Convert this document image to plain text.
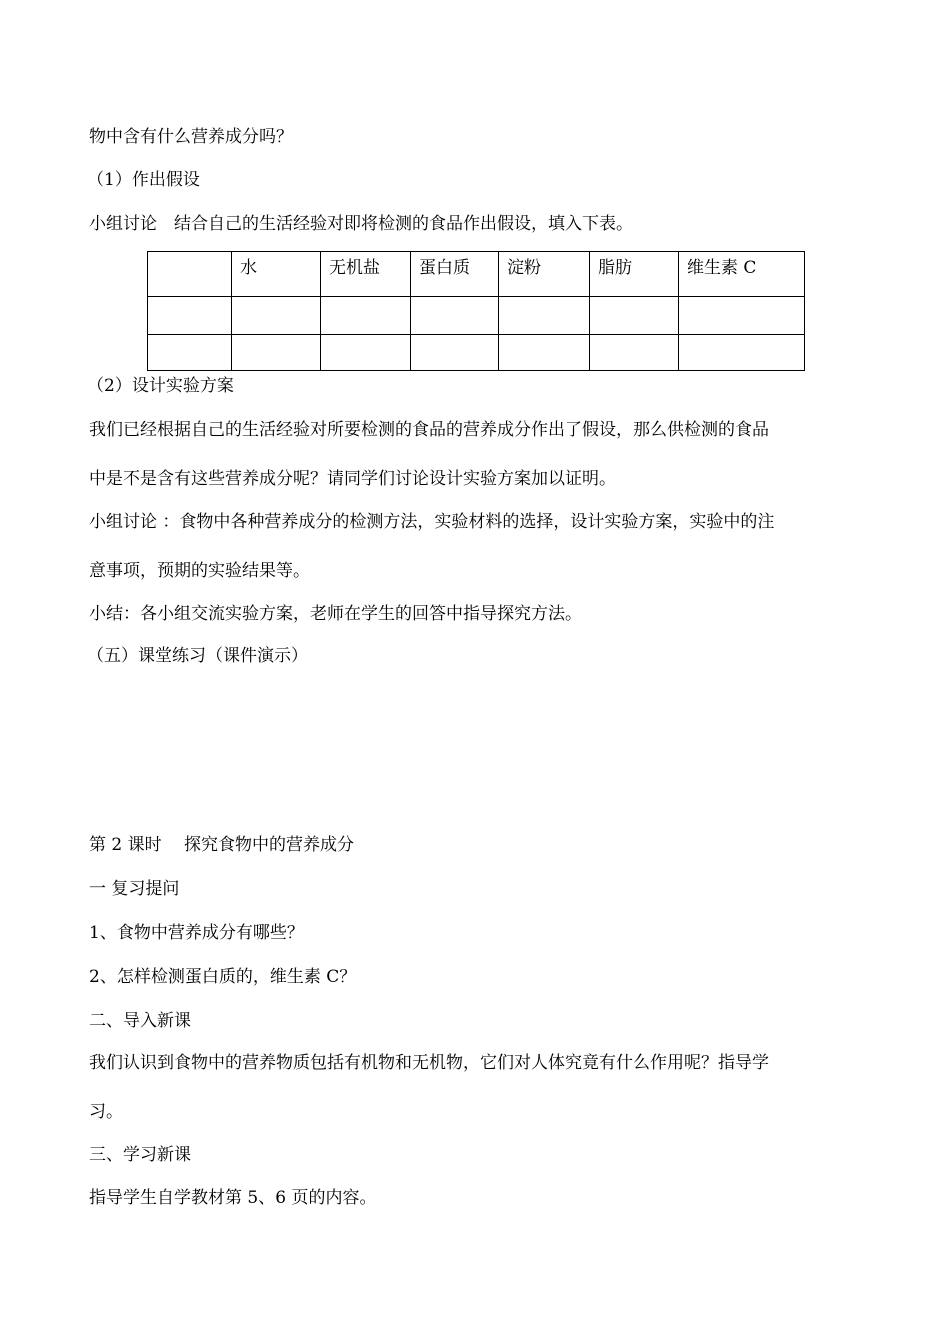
物中含有什么营养成分吗？

（1）作出假设

小组讨论　结合自己的生活经验对即将检测的食品作出假设，填入下表。

	水	无机盐	蛋白质	淀粉	脂肪	维生素 C

（2）设计实验方案

我们已经根据自己的生活经验对所要检测的食品的营养成分作出了假设，那么供检测的食品

中是不是含有这些营养成分呢？请同学们讨论设计实验方案加以证明。

小组讨论 ：食物中各种营养成分的检测方法，实验材料的选择，设计实验方案，实验中的注

意事项，预期的实验结果等。

小结：各小组交流实验方案，老师在学生的回答中指导探究方法。

（五）课堂练习（课件演示）

第 2 课时　 探究食物中的营养成分

一 复习提问

1、食物中营养成分有哪些？

2、怎样检测蛋白质的，维生素 C？

二、导入新课

我们认识到食物中的营养物质包括有机物和无机物，它们对人体究竟有什么作用呢？指导学

习。

三、学习新课

指导学生自学教材第 5、6 页的内容。
